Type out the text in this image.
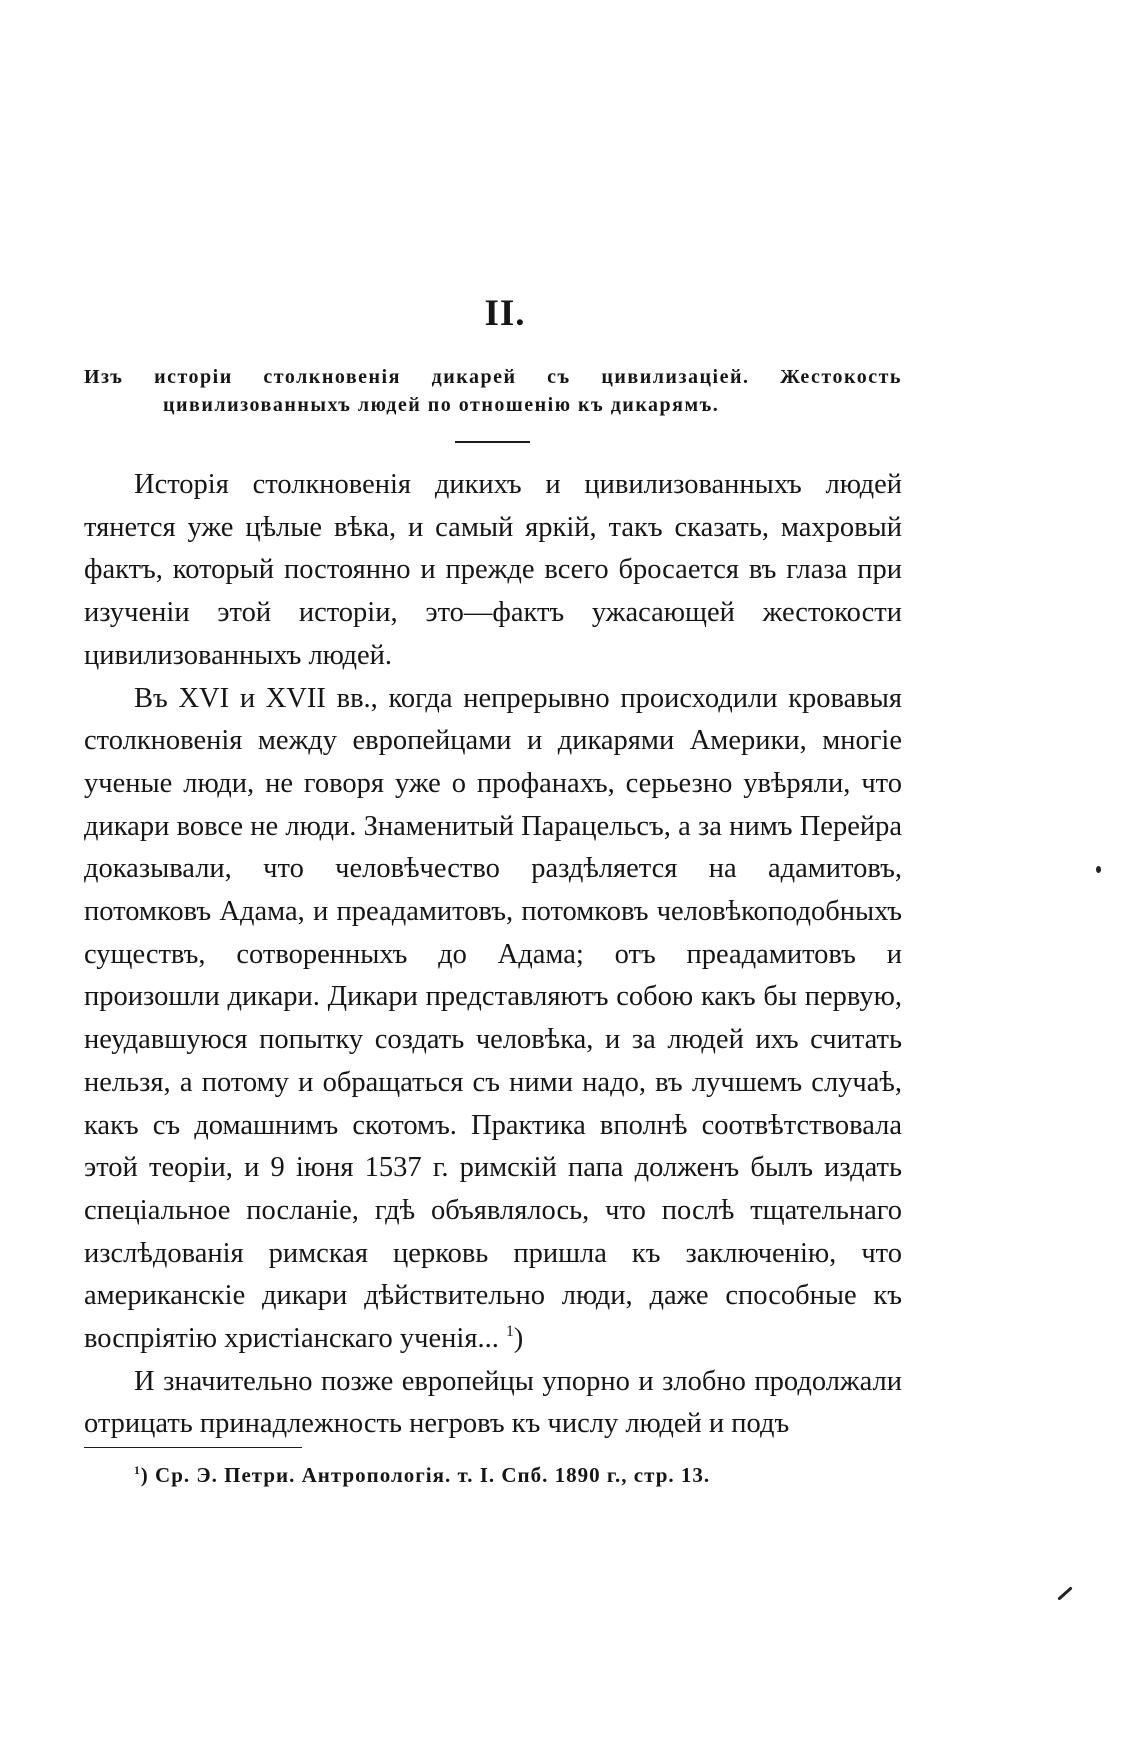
II.
Изъ исторіи столкновенія дикарей съ цивилизаціей. Жестокость
цивилизованныхъ людей по отношенію къ дикарямъ.

Исторія столкновенія дикихъ и цивилизованныхъ людей тянется уже цѣлые вѣка, и самый яркій, такъ сказать, махровый фактъ, который постоянно и прежде всего бросается въ глаза при изученіи этой исторіи, это—фактъ ужасающей жестокости цивилизованныхъ людей.

Въ XVI и XVII вв., когда непрерывно происходили кровавыя столкновенія между европейцами и дикарями Америки, многіе ученые люди, не говоря уже о профанахъ, серьезно увѣряли, что дикари вовсе не люди. Знаменитый Парацельсъ, а за нимъ Перейра доказывали, что человѣчество раздѣляется на адамитовъ, потомковъ Адама, и преадамитовъ, потомковъ человѣкоподобныхъ существъ, сотворенныхъ до Адама; отъ преадамитовъ и произошли дикари. Дикари представляютъ собою какъ бы первую, неудавшуюся попытку создать человѣка, и за людей ихъ считать нельзя, а потому и обращаться съ ними надо, въ лучшемъ случаѣ, какъ съ домашнимъ скотомъ. Практика вполнѣ соотвѣтствовала этой теоріи, и 9 іюня 1537 г. римскій папа долженъ былъ издать спеціальное посланіе, гдѣ объявлялось, что послѣ тщательнаго изслѣдованія римская церковь пришла къ заключенію, что американскіе дикари дѣйствительно люди, даже способные къ воспріятію христіанскаго ученія... $^1$)

И значительно позже европейцы упорно и злобно продолжали отрицать принадлежность негровъ къ числу людей и подъ

$^1$) Ср. Э. Петри. Антропологія. т. I. Спб. 1890 г., стр. 13.
